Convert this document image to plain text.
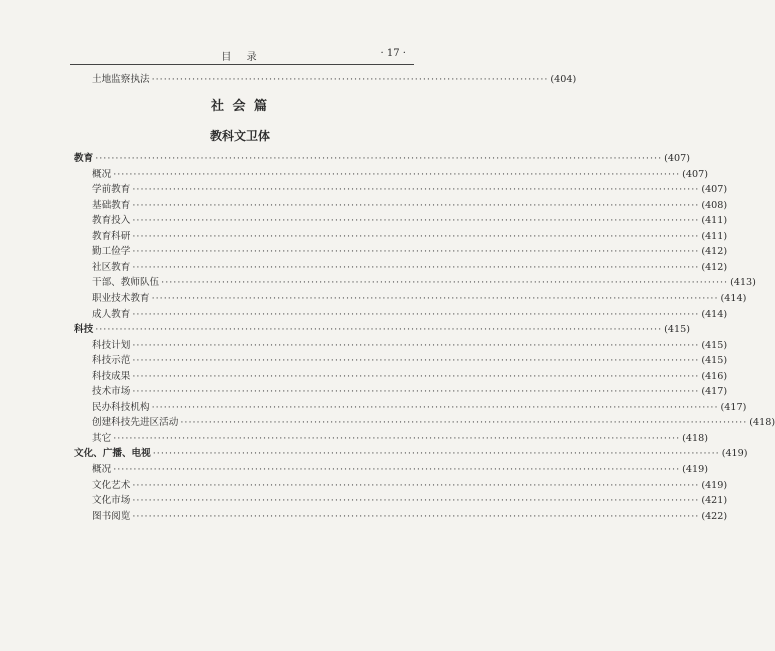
目 录	· 17 ·
土地监察执法 ·································································································· (404)
社 会 篇
教科文卫体
教育 ············································································································································ (407)
概况 ············································································································································ (407)
学前教育 ············································································································································ (407)
基础教育 ············································································································································ (408)
教育投入 ············································································································································ (411)
教育科研 ············································································································································ (411)
勤工俭学 ············································································································································ (412)
社区教育 ············································································································································ (412)
干部、教师队伍 ············································································································································ (413)
职业技术教育 ············································································································································ (414)
成人教育 ············································································································································ (414)
科技 ············································································································································ (415)
科技计划 ············································································································································ (415)
科技示范 ············································································································································ (415)
科技成果 ············································································································································ (416)
技术市场 ············································································································································ (417)
民办科技机构 ············································································································································ (417)
创建科技先进区活动 ············································································································································ (418)
其它 ············································································································································ (418)
文化、广播、电视 ············································································································································ (419)
概况 ············································································································································ (419)
文化艺术 ············································································································································ (419)
文化市场 ············································································································································ (421)
图书阅览 ············································································································································ (422)
